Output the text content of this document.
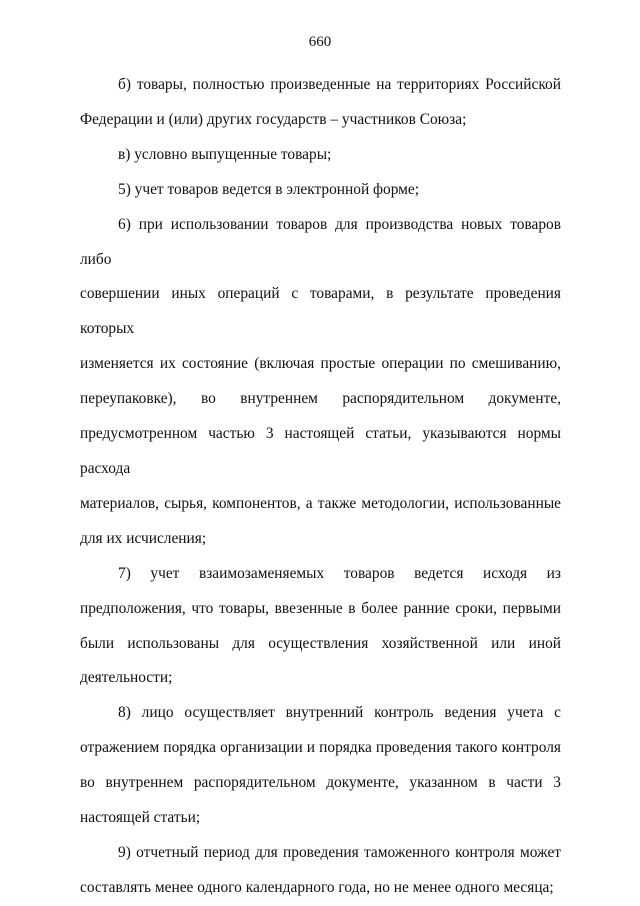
660
б) товары, полностью произведенные на территориях Российской
Федерации и (или) других государств – участников Союза;
в) условно выпущенные товары;
5) учет товаров ведется в электронной форме;
6) при использовании товаров для производства новых товаров либо
совершении иных операций с товарами, в результате проведения которых
изменяется их состояние (включая простые операции по смешиванию,
переупаковке), во внутреннем распорядительном документе,
предусмотренном частью 3 настоящей статьи, указываются нормы расхода
материалов, сырья, компонентов, а также методологии, использованные
для их исчисления;
7) учет взаимозаменяемых товаров ведется исходя из
предположения, что товары, ввезенные в более ранние сроки, первыми
были использованы для осуществления хозяйственной или иной
деятельности;
8) лицо осуществляет внутренний контроль ведения учета с
отражением порядка организации и порядка проведения такого контроля
во внутреннем распорядительном документе, указанном в части 3
настоящей статьи;
9) отчетный период для проведения таможенного контроля может
составлять менее одного календарного года, но не менее одного месяца;
